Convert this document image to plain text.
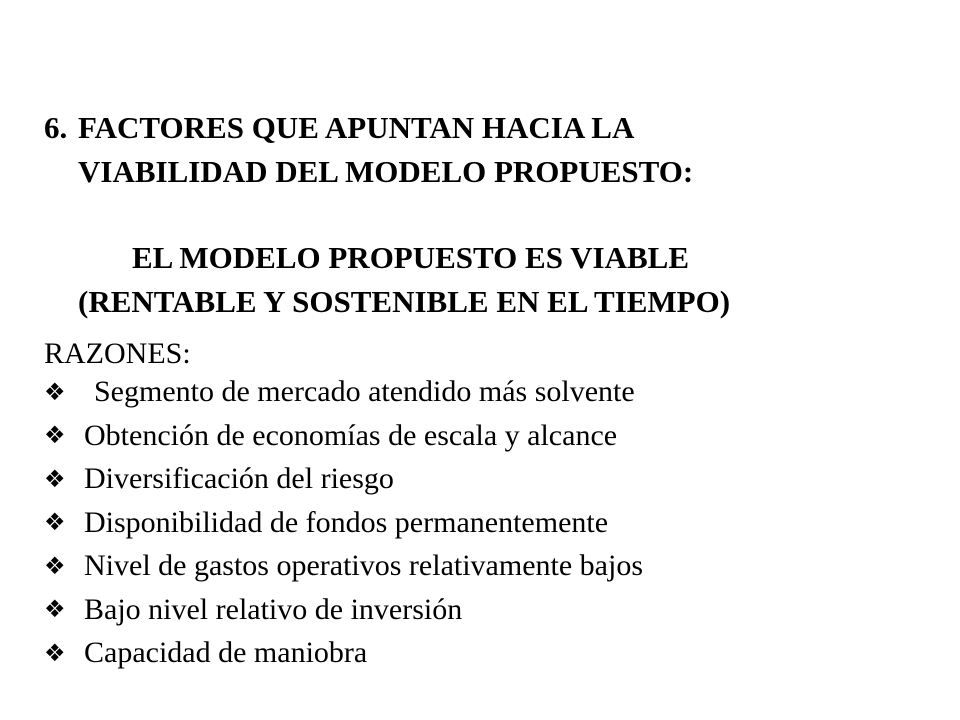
6. FACTORES QUE APUNTAN HACIA LA
VIABILIDAD DEL MODELO PROPUESTO:

EL MODELO PROPUESTO ES VIABLE
(RENTABLE Y SOSTENIBLE EN EL TIEMPO)

RAZONES:

❖ Segmento de mercado atendido más solvente
❖ Obtención de economías de escala y alcance
❖ Diversificación del riesgo
❖ Disponibilidad de fondos permanentemente
❖ Nivel de gastos operativos relativamente bajos
❖ Bajo nivel relativo de inversión
❖ Capacidad de maniobra
